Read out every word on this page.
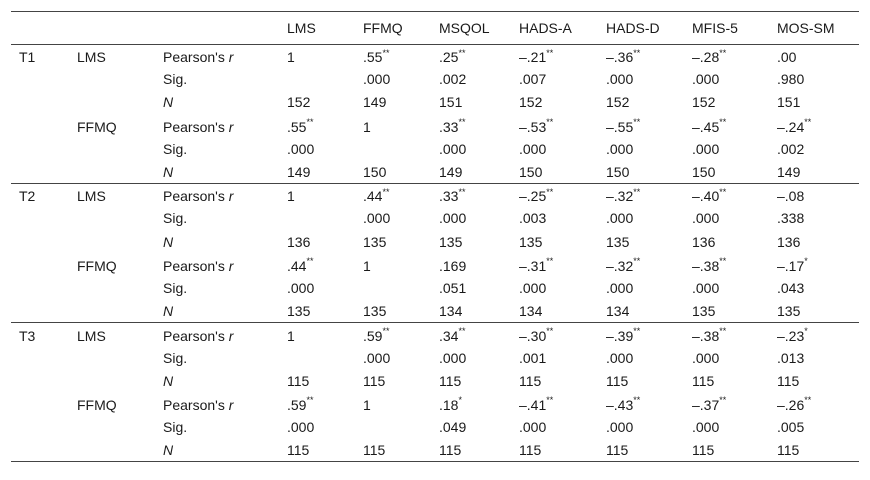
			LMS	FFMQ	MSQOL	HADS-A	HADS-D	MFIS-5	MOS-SM
T1	LMS	Pearson's r	1	.55**	.25**	–.21**	–.36**	–.28**	.00
		Sig.		.000	.002	.007	.000	.000	.980
		N	152	149	151	152	152	152	151
	FFMQ	Pearson's r	.55**	1	.33**	–.53**	–.55**	–.45**	–.24**
		Sig.	.000		.000	.000	.000	.000	.002
		N	149	150	149	150	150	150	149
T2	LMS	Pearson's r	1	.44**	.33**	–.25**	–.32**	–.40**	–.08
		Sig.		.000	.000	.003	.000	.000	.338
		N	136	135	135	135	135	136	136
	FFMQ	Pearson's r	.44**	1	.169	–.31**	–.32**	–.38**	–.17*
		Sig.	.000		.051	.000	.000	.000	.043
		N	135	135	134	134	134	135	135
T3	LMS	Pearson's r	1	.59**	.34**	–.30**	–.39**	–.38**	–.23*
		Sig.		.000	.000	.001	.000	.000	.013
		N	115	115	115	115	115	115	115
	FFMQ	Pearson's r	.59**	1	.18*	–.41**	–.43**	–.37**	–.26**
		Sig.	.000		.049	.000	.000	.000	.005
		N	115	115	115	115	115	115	115
